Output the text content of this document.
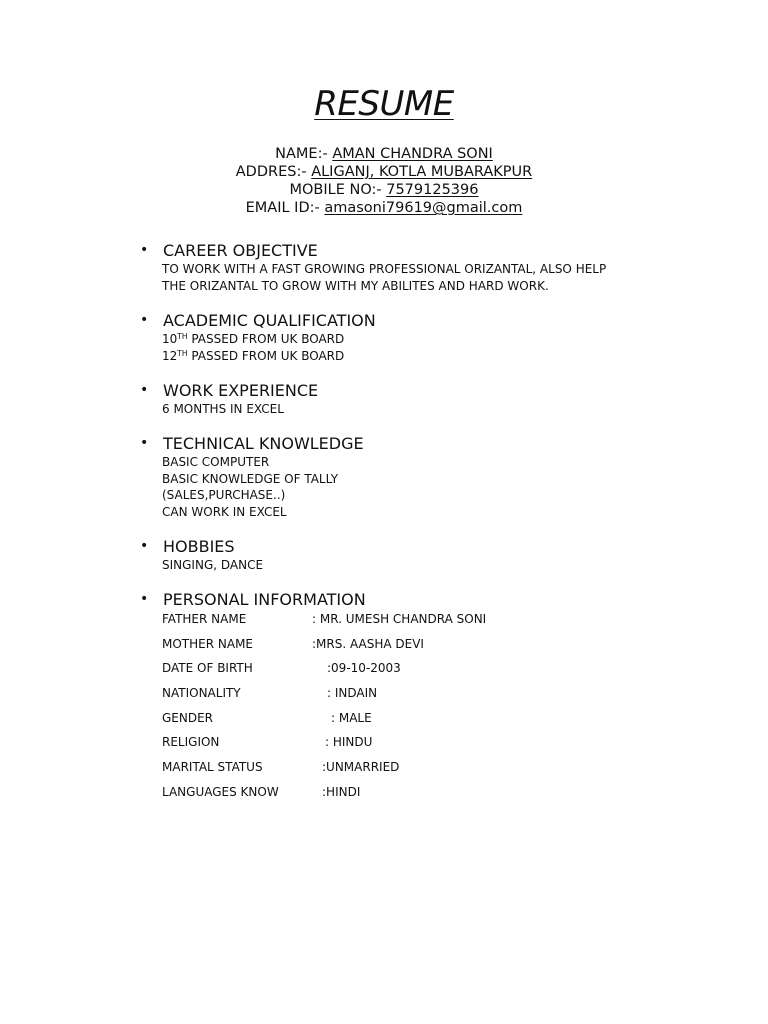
RESUME
NAME:- AMAN CHANDRA SONI
ADDRES:- ALIGANJ, KOTLA MUBARAKPUR
MOBILE NO:- 7579125396
EMAIL ID:- amasoni79619@gmail.com
• CAREER OBJECTIVE
TO WORK WITH A FAST GROWING PROFESSIONAL ORIZANTAL, ALSO HELP
THE ORIZANTAL TO GROW WITH MY ABILITES AND HARD WORK.
• ACADEMIC QUALIFICATION
10TH PASSED FROM UK BOARD
12TH PASSED FROM UK BOARD
• WORK EXPERIENCE
6 MONTHS IN EXCEL
• TECHNICAL KNOWLEDGE
BASIC COMPUTER
BASIC KNOWLEDGE OF TALLY
(SALES,PURCHASE..)
CAN WORK IN EXCEL
• HOBBIES
SINGING, DANCE
• PERSONAL INFORMATION
FATHER NAME	: MR. UMESH CHANDRA SONI
MOTHER NAME	:MRS. AASHA DEVI
DATE OF BIRTH	:09-10-2003
NATIONALITY	: INDAIN
GENDER	: MALE
RELIGION	: HINDU
MARITAL STATUS	:UNMARRIED
LANGUAGES KNOW	:HINDI
